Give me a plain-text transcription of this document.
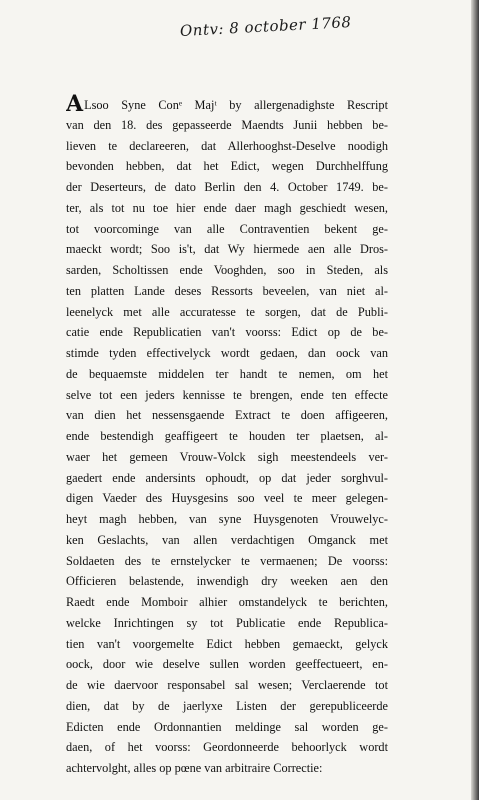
Ontv: 8 october 1768
ALsoo Syne Conᵉ Majᵗ by allergenadighste Rescript
van den 18. des gepasseerde Maendts Junii hebben be-
lieven te declareeren, dat Allerhooghst-Deselve noodigh
bevonden hebben, dat het Edict, wegen Durchhelffung
der Deserteurs, de dato Berlin den 4. October 1749. be-
ter, als tot nu toe hier ende daer magh geschiedt wesen,
tot voorcominge van alle Contraventien bekent ge-
maeckt wordt; Soo is't, dat Wy hiermede aen alle Dros-
sarden, Scholtissen ende Vooghden, soo in Steden, als
ten platten Lande deses Ressorts beveelen, van niet al-
leenelyck met alle accuratesse te sorgen, dat de Publi-
catie ende Republicatien van't voorss: Edict op de be-
stimde tyden effectivelyck wordt gedaen, dan oock van
de bequaemste middelen ter handt te nemen, om het
selve tot een jeders kennisse te brengen, ende ten effecte
van dien het nessensgaende Extract te doen affigeeren,
ende bestendigh geaffigeert te houden ter plaetsen, al-
waer het gemeen Vrouw-Volck sigh meestendeels ver-
gaedert ende andersints ophoudt, op dat jeder sorghvul-
digen Vaeder des Huysgesins soo veel te meer gelegen-
heyt magh hebben, van syne Huysgenoten Vrouwelyc-
ken Geslachts, van allen verdachtigen Omganck met
Soldaeten des te ernstelycker te vermaenen; De voorss:
Officieren belastende, inwendigh dry weeken aen den
Raedt ende Momboir alhier omstandelyck te berichten,
welcke Inrichtingen sy tot Publicatie ende Republica-
tien van't voorgemelte Edict hebben gemaeckt, gelyck
oock, door wie deselve sullen worden geeffectueert, en-
de wie daervoor responsabel sal wesen; Verclaerende tot
dien, dat by de jaerlyxe Listen der gerepubliceerde
Edicten ende Ordonnantien meldinge sal worden ge-
daen, of het voorss: Geordonneerde behoorlyck wordt
achtervolght, alles op pœne van arbitraire Correctie:
